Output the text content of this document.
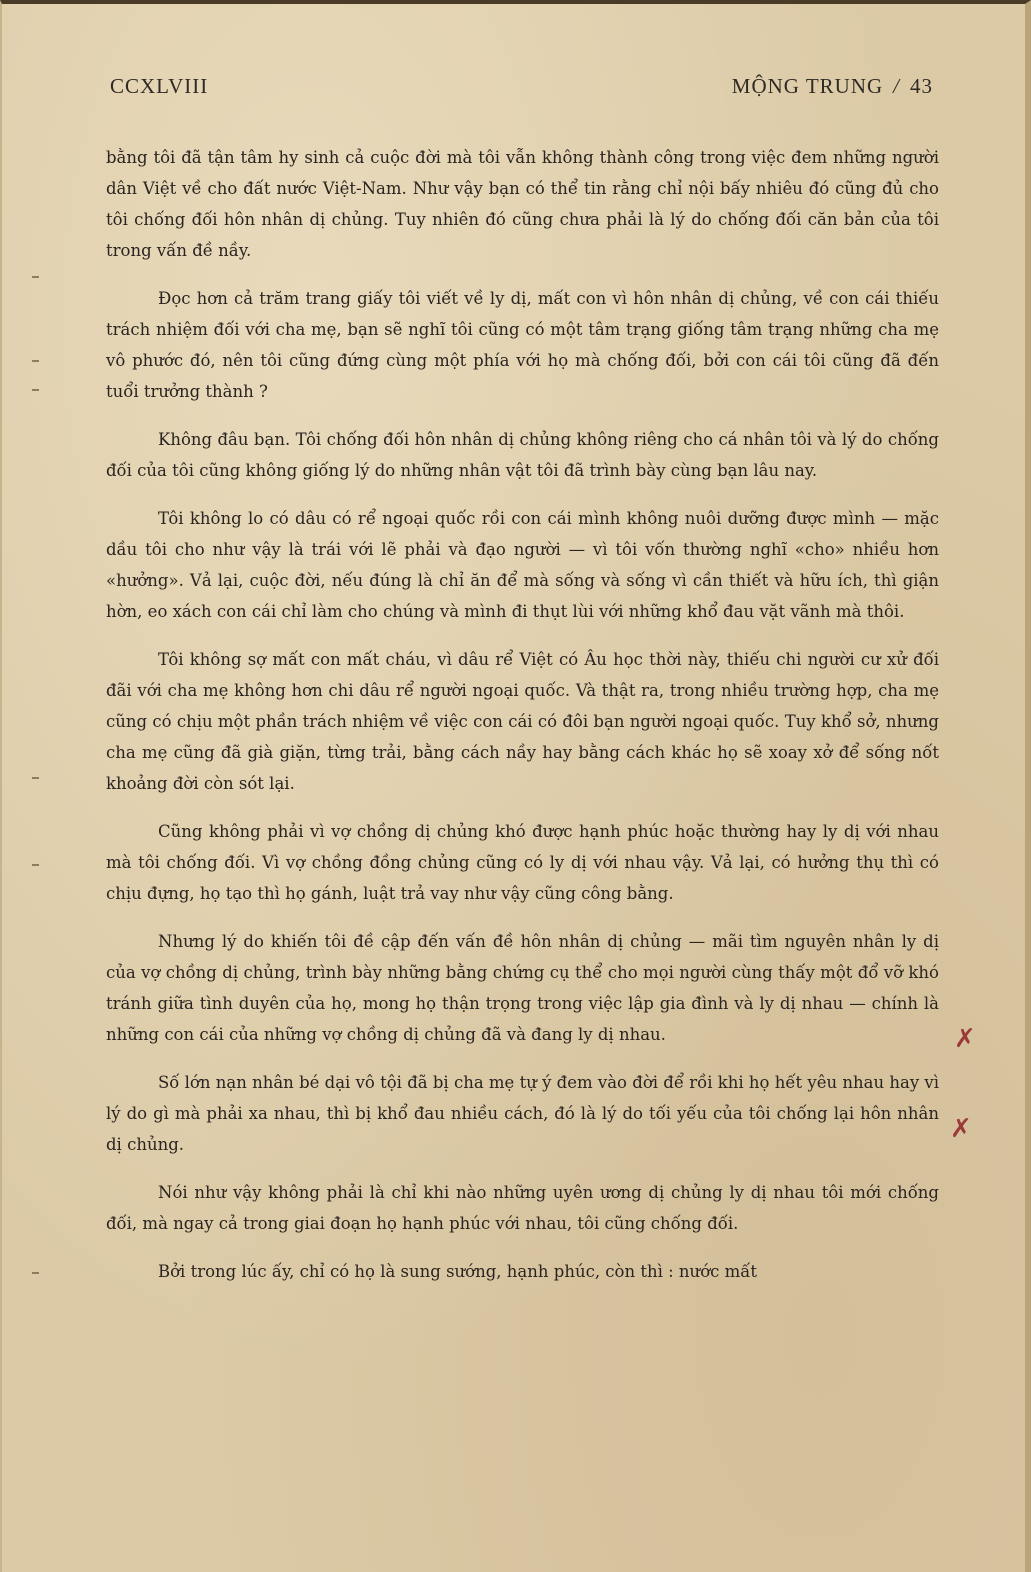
CCXLVIII	MỘNG TRUNG / 43

bằng tôi đã tận tâm hy sinh cả cuộc đời mà tôi vẫn không thành công trong việc đem những người dân Việt về cho đất nước Việt-Nam. Như vậy bạn có thể tin rằng chỉ nội bấy nhiêu đó cũng đủ cho tôi chống đối hôn nhân dị chủng. Tuy nhiên đó cũng chưa phải là lý do chống đối căn bản của tôi trong vấn đề nầy.

Đọc hơn cả trăm trang giấy tôi viết về ly dị, mất con vì hôn nhân dị chủng, về con cái thiếu trách nhiệm đối với cha mẹ, bạn sẽ nghĩ tôi cũng có một tâm trạng giống tâm trạng những cha mẹ vô phước đó, nên tôi cũng đứng cùng một phía với họ mà chống đối, bởi con cái tôi cũng đã đến tuổi trưởng thành ?

Không đâu bạn. Tôi chống đối hôn nhân dị chủng không riêng cho cá nhân tôi và lý do chống đối của tôi cũng không giống lý do những nhân vật tôi đã trình bày cùng bạn lâu nay.

Tôi không lo có dâu có rể ngoại quốc rồi con cái mình không nuôi dưỡng được mình — mặc dầu tôi cho như vậy là trái với lẽ phải và đạo người — vì tôi vốn thường nghĩ «cho» nhiều hơn «hưởng». Vả lại, cuộc đời, nếu đúng là chỉ ăn để mà sống và sống vì cần thiết và hữu ích, thì giận hờn, eo xách con cái chỉ làm cho chúng và mình đi thụt lùi với những khổ đau vặt vãnh mà thôi.

Tôi không sợ mất con mất cháu, vì dâu rể Việt có Âu học thời này, thiếu chi người cư xử đối đãi với cha mẹ không hơn chi dâu rể người ngoại quốc. Và thật ra, trong nhiều trường hợp, cha mẹ cũng có chịu một phần trách nhiệm về việc con cái có đôi bạn người ngoại quốc. Tuy khổ sở, nhưng cha mẹ cũng đã già giặn, từng trải, bằng cách nầy hay bằng cách khác họ sẽ xoay xở để sống nốt khoảng đời còn sót lại.

Cũng không phải vì vợ chồng dị chủng khó được hạnh phúc hoặc thường hay ly dị với nhau mà tôi chống đối. Vì vợ chồng đồng chủng cũng có ly dị với nhau vậy. Vả lại, có hưởng thụ thì có chịu đựng, họ tạo thì họ gánh, luật trả vay như vậy cũng công bằng.

Nhưng lý do khiến tôi đề cập đến vấn đề hôn nhân dị chủng — mãi tìm nguyên nhân ly dị của vợ chồng dị chủng, trình bày những bằng chứng cụ thể cho mọi người cùng thấy một đổ vỡ khó tránh giữa tình duyên của họ, mong họ thận trọng trong việc lập gia đình và ly dị nhau — chính là những con cái của những vợ chồng dị chủng đã và đang ly dị nhau.

Số lớn nạn nhân bé dại vô tội đã bị cha mẹ tự ý đem vào đời để rồi khi họ hết yêu nhau hay vì lý do gì mà phải xa nhau, thì bị khổ đau nhiều cách, đó là lý do tối yếu của tôi chống lại hôn nhân dị chủng.

Nói như vậy không phải là chỉ khi nào những uyên ương dị chủng ly dị nhau tôi mới chống đối, mà ngay cả trong giai đoạn họ hạnh phúc với nhau, tôi cũng chống đối.

Bởi trong lúc ấy, chỉ có họ là sung sướng, hạnh phúc, còn thì : nước mất

✗
✗
